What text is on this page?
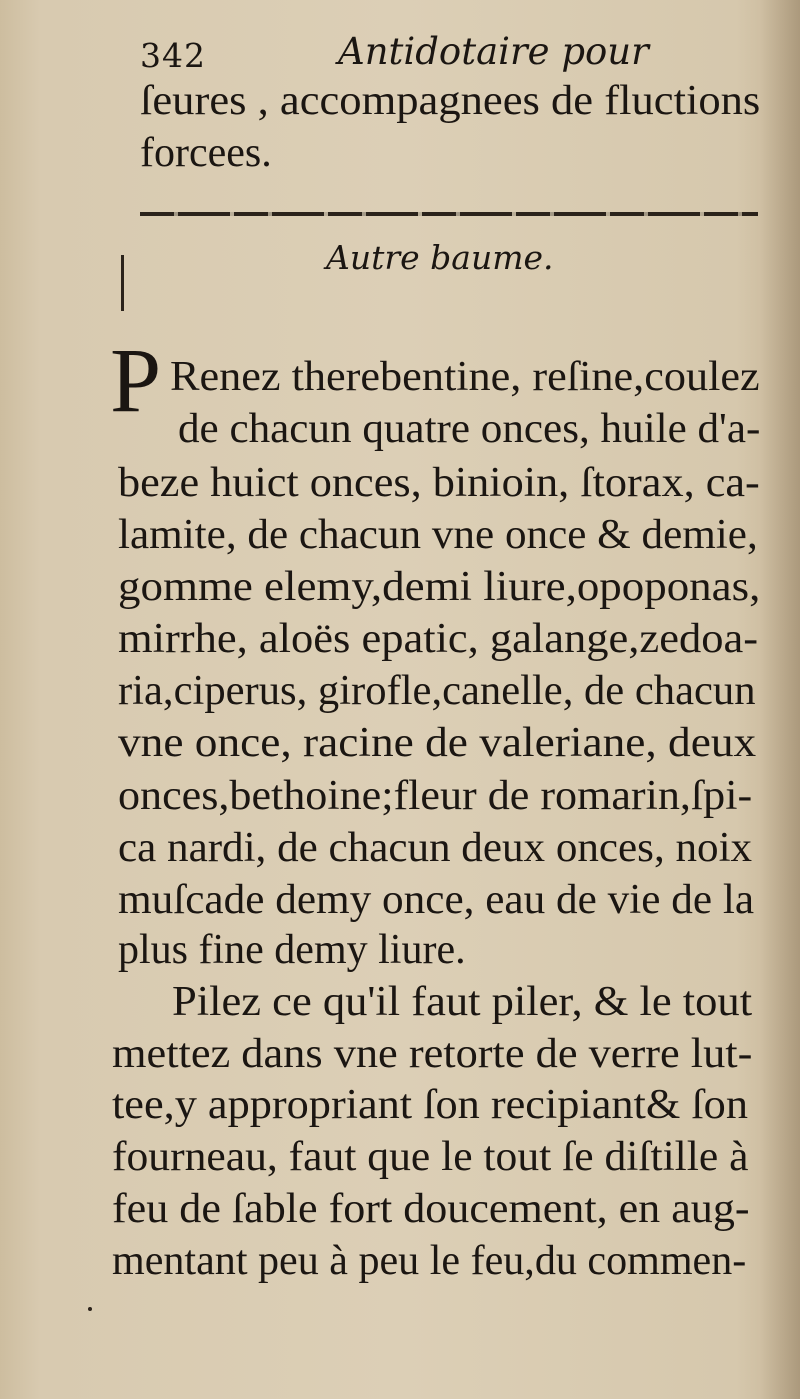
342	Antidotaire pour
ſeures , accompagnees de fluctions
forcees.
Autre baume.
P Renez therebentine, reſine,coulez
de chacun quatre onces, huile d'a-
beze huict onces, binioin, ſtorax, ca-
lamite, de chacun vne once & demie,
gomme elemy,demi liure,opoponas,
mirrhe, aloës epatic, galange,zedoa-
ria,ciperus, girofle,canelle, de chacun
vne once, racine de valeriane, deux
onces,bethoine;fleur de romarin,ſpi-
ca nardi, de chacun deux onces, noix
muſcade demy once, eau de vie de la
plus fine demy liure.
Pilez ce qu'il faut piler, & le tout
mettez dans vne retorte de verre lut-
tee,y appropriant ſon recipiant& ſon
fourneau, faut que le tout ſe diſtille à
feu de ſable fort doucement, en aug-
mentant peu à peu le feu,du commen-
